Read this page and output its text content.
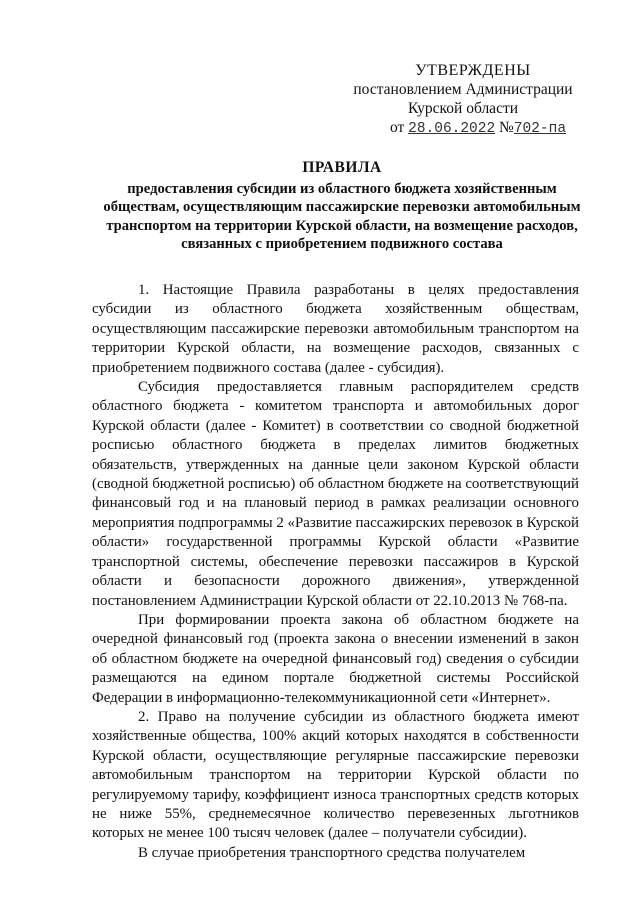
УТВЕРЖДЕНЫ
постановлением Администрации
Курской области
от 28.06.2022 №702-па
ПРАВИЛА
предоставления субсидии из областного бюджета хозяйственным обществам, осуществляющим пассажирские перевозки автомобильным транспортом на территории Курской области, на возмещение расходов, связанных с приобретением подвижного состава

1. Настоящие Правила разработаны в целях предоставления субсидии из областного бюджета хозяйственным обществам, осуществляющим пассажирские перевозки автомобильным транспортом на территории Курской области, на возмещение расходов, связанных с приобретением подвижного состава (далее - субсидия).

Субсидия предоставляется главным распорядителем средств областного бюджета - комитетом транспорта и автомобильных дорог Курской области (далее - Комитет) в соответствии со сводной бюджетной росписью областного бюджета в пределах лимитов бюджетных обязательств, утвержденных на данные цели законом Курской области (сводной бюджетной росписью) об областном бюджете на соответствующий финансовый год и на плановый период в рамках реализации основного мероприятия подпрограммы 2 «Развитие пассажирских перевозок в Курской области» государственной программы Курской области «Развитие транспортной системы, обеспечение перевозки пассажиров в Курской области и безопасности дорожного движения», утвержденной постановлением Администрации Курской области от 22.10.2013 № 768-па.

При формировании проекта закона об областном бюджете на очередной финансовый год (проекта закона о внесении изменений в закон об областном бюджете на очередной финансовый год) сведения о субсидии размещаются на едином портале бюджетной системы Российской Федерации в информационно-телекоммуникационной сети «Интернет».

2. Право на получение субсидии из областного бюджета имеют хозяйственные общества, 100% акций которых находятся в собственности Курской области, осуществляющие регулярные пассажирские перевозки автомобильным транспортом на территории Курской области по регулируемому тарифу, коэффициент износа транспортных средств которых не ниже 55%, среднемесячное количество перевезенных льготников которых не менее 100 тысяч человек (далее – получатели субсидии).

В случае приобретения транспортного средства получателем
